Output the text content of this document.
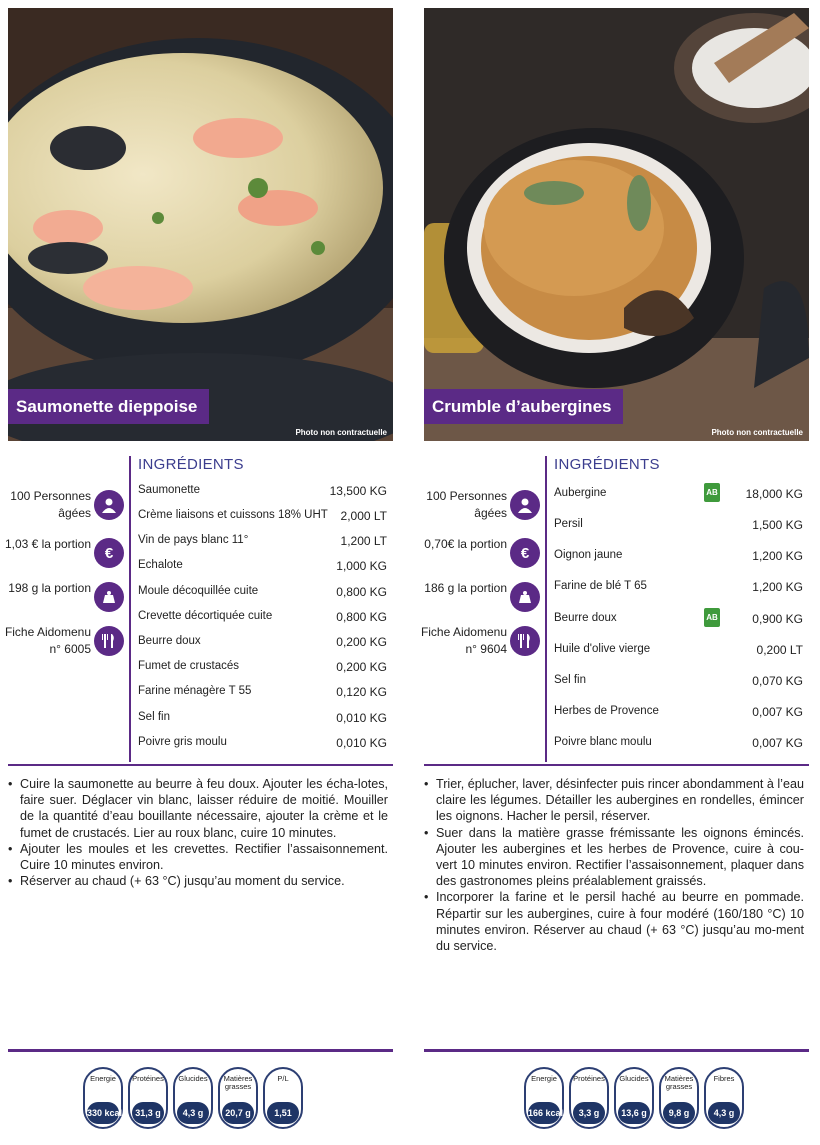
Saumonette dieppoise
Photo non contractuelle
100 Personnes âgées
1,03 € la portion
€
198 g la portion
Fiche Aidomenu n° 6005
INGRÉDIENTS
Saumonette	13,500 KG
Crème liaisons et cuissons 18% UHT 2,000 LT
Vin de pays blanc 11°	1,200 LT
Echalote	1,000 KG
Moule décoquillée cuite	0,800 KG
Crevette décortiquée cuite	0,800 KG
Beurre doux	0,200 KG
Fumet de crustacés	0,200 KG
Farine ménagère T 55	0,120 KG
Sel fin	0,010 KG
Poivre gris moulu	0,010 KG
• Cuire la saumonette au beurre à feu doux. Ajouter les écha-lotes, faire suer. Déglacer vin blanc, laisser réduire de moitié. Mouiller de la quantité d’eau bouillante nécessaire, ajouter la crème et le fumet de crustacés. Lier au roux blanc, cuire 10 minutes.
• Ajouter les moules et les crevettes. Rectifier l’assaisonnement. Cuire 10 minutes environ.
• Réserver au chaud (+ 63 °C) jusqu’au moment du service.
Energie
330 kcal
Protéines
31,3 g
Glucides
4,3 g
Matières grasses
20,7 g
P/L
1,51
Crumble d’aubergines
Photo non contractuelle
100 Personnes âgées
0,70€ la portion
€
186 g la portion
Fiche Aidomenu n° 9604
INGRÉDIENTS
Aubergine	AB 18,000 KG
Persil	1,500 KG
Oignon jaune	1,200 KG
Farine de blé T 65	1,200 KG
Beurre doux	AB	0,900 KG
Huile d'olive vierge	0,200 LT
Sel fin	0,070 KG
Herbes de Provence	0,007 KG
Poivre blanc moulu	0,007 KG
• Trier, éplucher, laver, désinfecter puis rincer abondamment à l’eau claire les légumes. Détailler les aubergines en rondelles, émincer les oignons. Hacher le persil, réserver.
• Suer dans la matière grasse frémissante les oignons émincés. Ajouter les aubergines et les herbes de Provence, cuire à cou-vert 10 minutes environ. Rectifier l’assaisonnement, plaquer dans des gastronomes pleins préalablement graissés.
• Incorporer la farine et le persil haché au beurre en pommade. Répartir sur les aubergines, cuire à four modéré (160/180 °C) 10 minutes environ. Réserver au chaud (+ 63 °C) jusqu’au mo-ment du service.
Energie
166 kcal
Protéines
3,3 g
Glucides
13,6 g
Matières grasses
9,8 g
Fibres
4,3 g
